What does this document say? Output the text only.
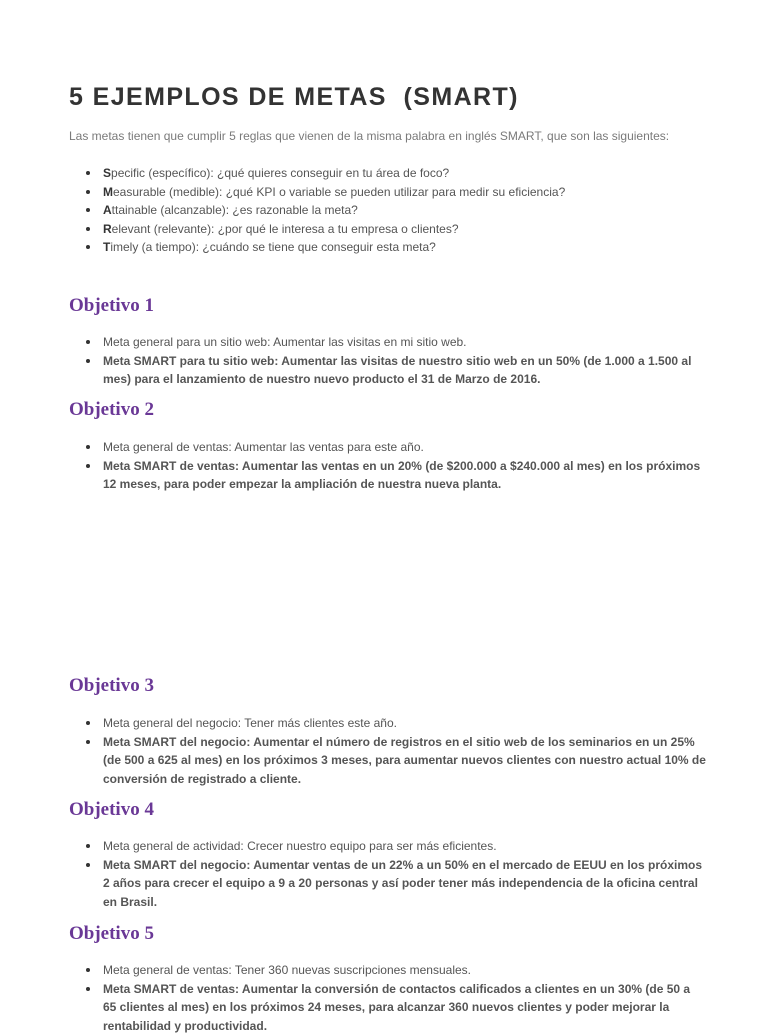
5 EJEMPLOS DE METAS  (SMART)

Las metas tienen que cumplir 5 reglas que vienen de la misma palabra en inglés SMART, que son las siguientes:

Specific (específico): ¿qué quieres conseguir en tu área de foco?
Measurable (medible): ¿qué KPI o variable se pueden utilizar para medir su eficiencia?
Attainable (alcanzable): ¿es razonable la meta?
Relevant (relevante): ¿por qué le interesa a tu empresa o clientes?
Timely (a tiempo): ¿cuándo se tiene que conseguir esta meta?
Objetivo 1
Meta general para un sitio web: Aumentar las visitas en mi sitio web.
Meta SMART para tu sitio web: Aumentar las visitas de nuestro sitio web en un 50% (de 1.000 a 1.500 al mes) para el lanzamiento de nuestro nuevo producto el 31 de Marzo de 2016.
Objetivo 2
Meta general de ventas: Aumentar las ventas para este año.
Meta SMART de ventas: Aumentar las ventas en un 20% (de $200.000 a $240.000 al mes) en los próximos 12 meses, para poder empezar la ampliación de nuestra nueva planta.
Objetivo 3
Meta general del negocio: Tener más clientes este año.
Meta SMART del negocio: Aumentar el número de registros en el sitio web de los seminarios en un 25% (de 500 a 625 al mes) en los próximos 3 meses, para aumentar nuevos clientes con nuestro actual 10% de conversión de registrado a cliente.
Objetivo 4
Meta general de actividad: Crecer nuestro equipo para ser más eficientes.
Meta SMART del negocio: Aumentar ventas de un 22% a un 50% en el mercado de EEUU en los próximos 2 años para crecer el equipo a 9 a 20 personas y así poder tener más independencia de la oficina central en Brasil.
Objetivo 5
Meta general de ventas: Tener 360 nuevas suscripciones mensuales.
Meta SMART de ventas: Aumentar la conversión de contactos calificados a clientes en un 30% (de 50 a 65 clientes al mes) en los próximos 24 meses, para alcanzar 360 nuevos clientes y poder mejorar la rentabilidad y productividad.
